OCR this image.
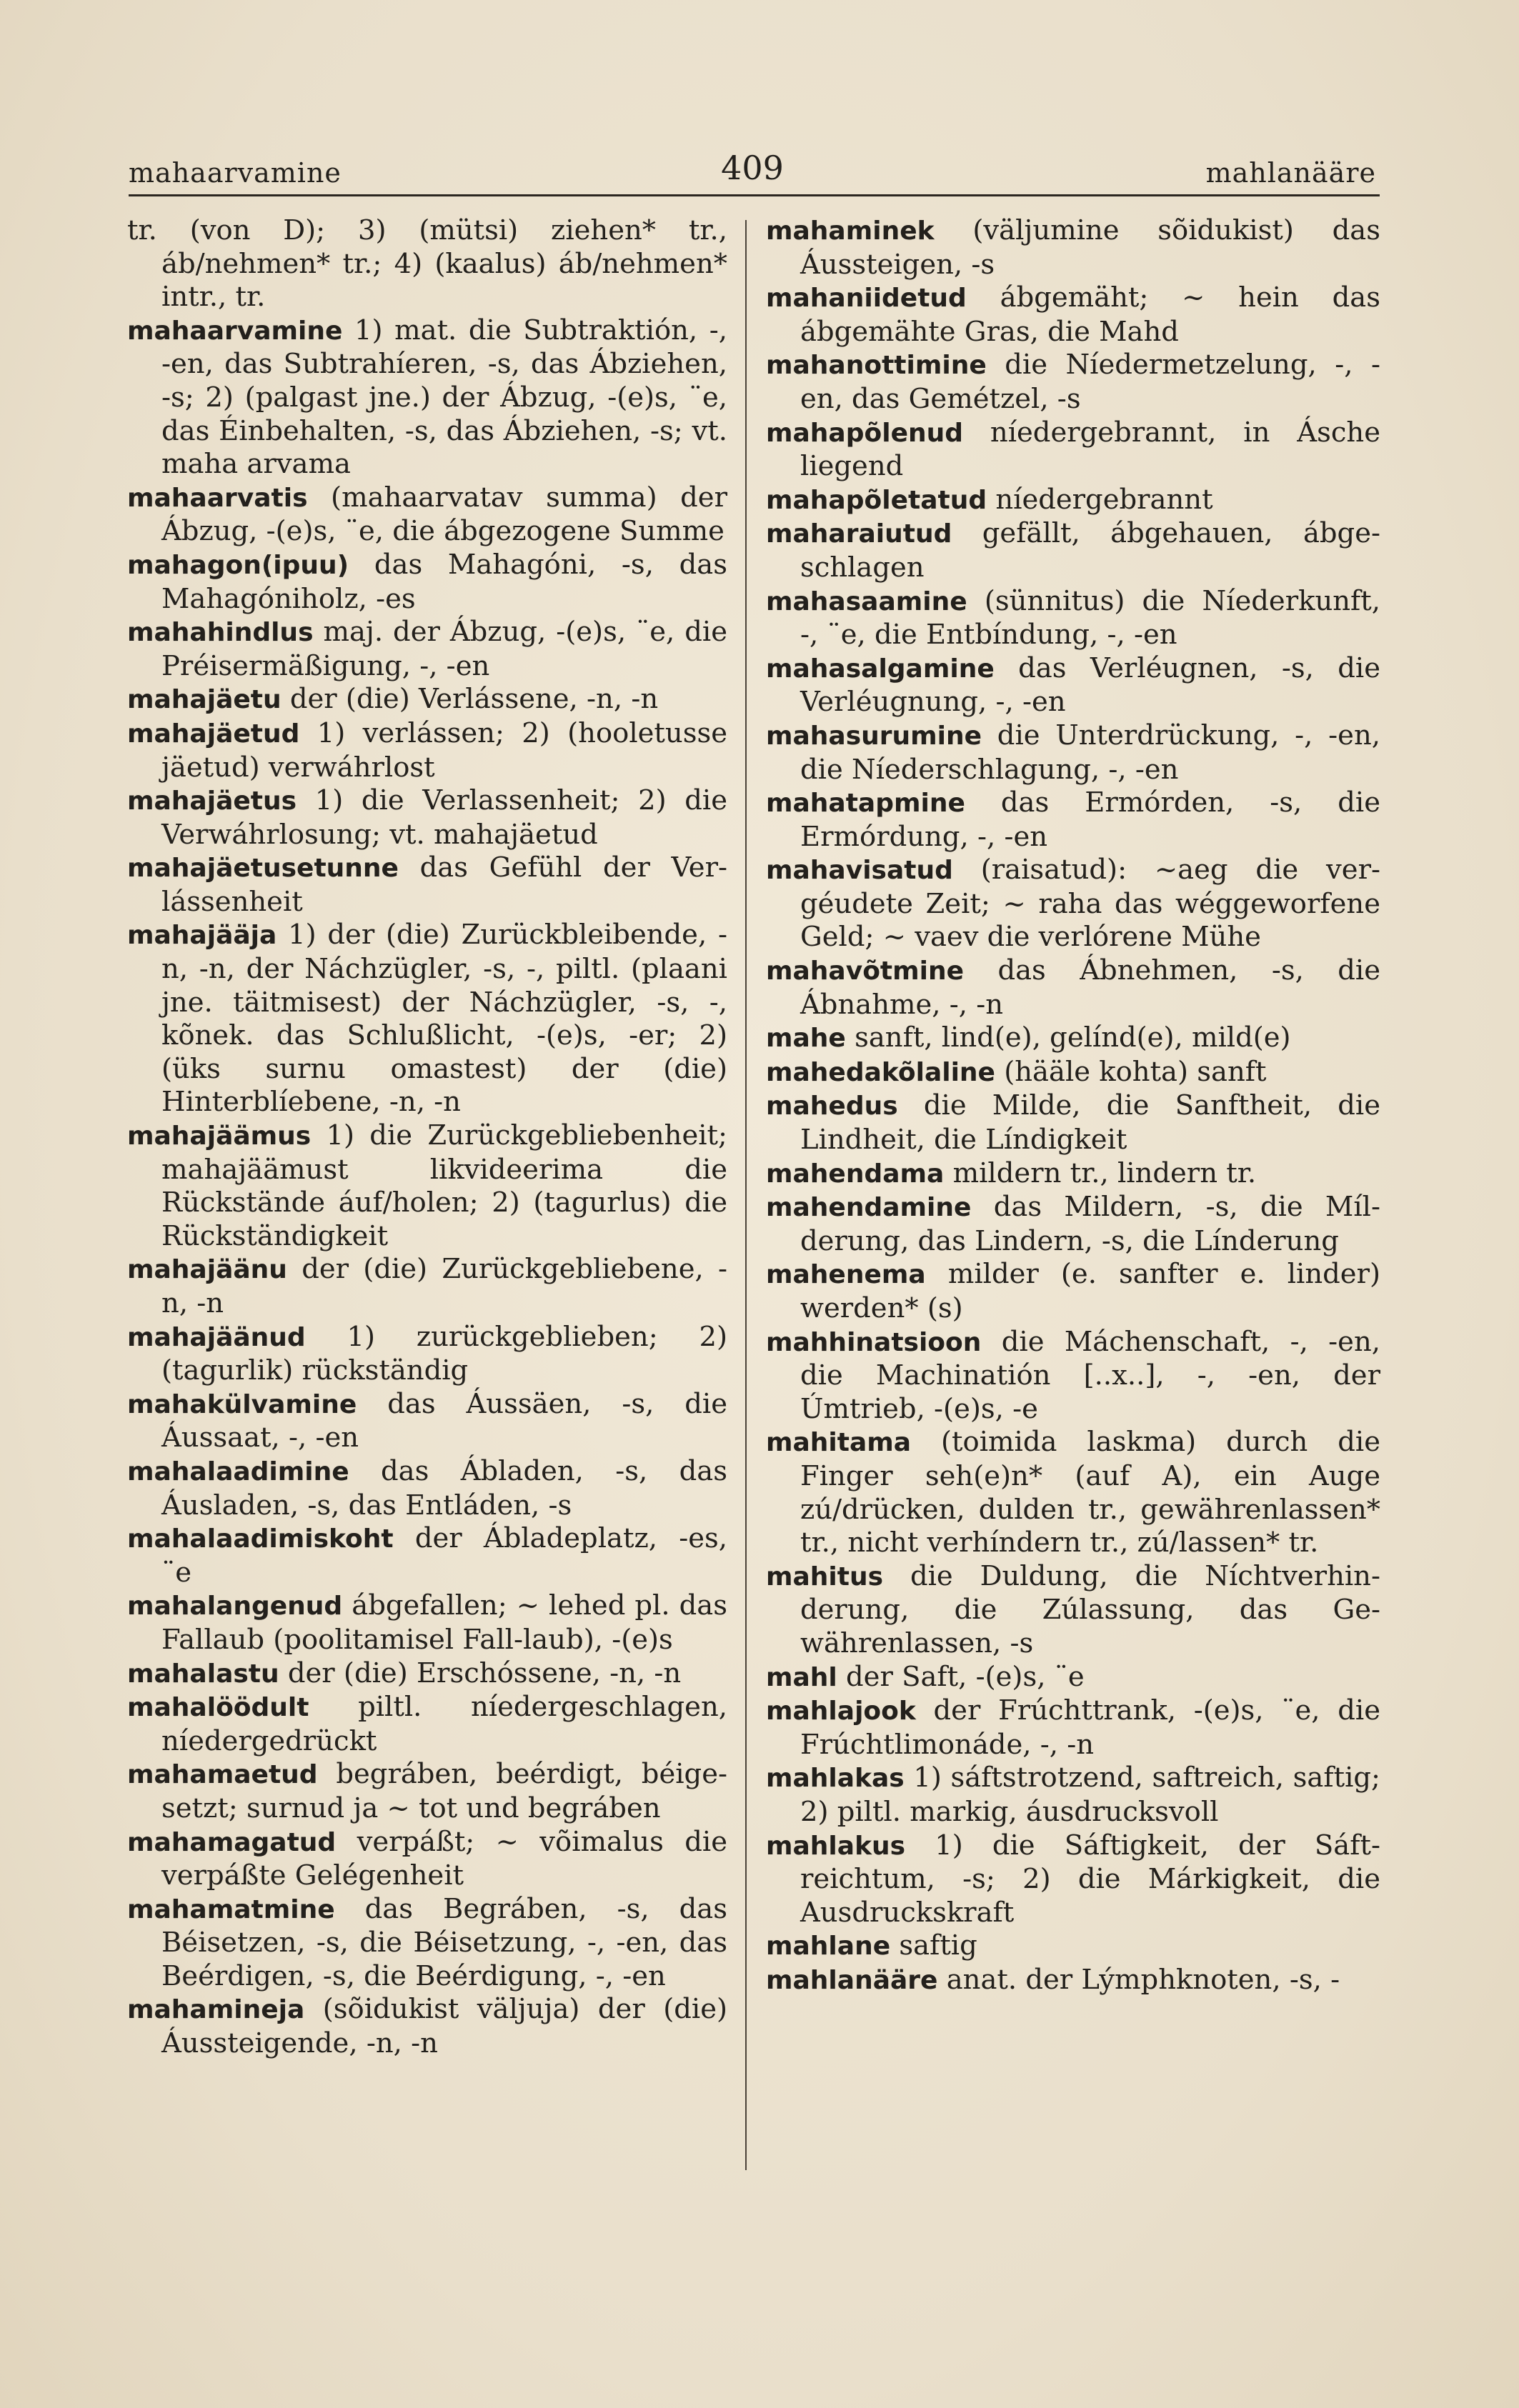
mahaarvamine	409	mahlanääre

tr. (von D); 3) (mütsi) ziehen* tr., áb/nehmen* tr.; 4) (kaalus) áb/nehmen* intr., tr.

mahaarvamine 1) mat. die Subtraktión, -, -en, das Subtrahíeren, -s, das Ábziehen, -s; 2) (palgast jne.) der Ábzug, -(e)s, ¨e, das Éinbehalten, -s, das Ábziehen, -s; vt. maha arvama

mahaarvatis (mahaarvatav summa) der Ábzug, -(e)s, ¨e, die ábgezogene Summe

mahagon(ipuu) das Mahagóni, -s, das Mahagóniholz, -es

mahahindlus maj. der Ábzug, -(e)s, ¨e, die Préisermäßigung, -, -en

mahajäetu der (die) Verlássene, -n, -n

mahajäetud 1) verlássen; 2) (hooletusse jäetud) verwáhrlost

mahajäetus 1) die Verlassenheit; 2) die Verwáhrlosung; vt. mahajäetud

mahajäetusetunne das Gefühl der Verlássenheit

mahajääja 1) der (die) Zurückbleibende, -n, -n, der Náchzügler, -s, -, piltl. (plaani jne. täitmisest) der Náchzügler, -s, -, kõnek. das Schlußlicht, -(e)s, -er; 2) (üks surnu omastest) der (die) Hinterblíebene, -n, -n

mahajäämus 1) die Zurückgebliebenheit; mahajäämust likvideerima die Rückstände áuf/holen; 2) (tagurlus) die Rückständigkeit

mahajäänu der (die) Zurückgebliebene, -n, -n

mahajäänud 1) zurückgeblieben; 2) (tagurlik) rückständig

mahakülvamine das Áussäen, -s, die Áussaat, -, -en

mahalaadimine das Ábladen, -s, das Áusladen, -s, das Entláden, -s

mahalaadimiskoht der Ábladeplatz, -es, ¨e

mahalangenud ábgefallen; ~ lehed pl. das Fallaub (poolitamisel Fall-laub), -(e)s

mahalastu der (die) Erschóssene, -n, -n

mahalöödult piltl. níedergeschlagen, níedergedrückt

mahamaetud begráben, beérdigt, béigesetzt; surnud ja ~ tot und begráben

mahamagatud verpáßt; ~ võimalus die verpáßte Gelégenheit

mahamatmine das Begráben, -s, das Béisetzen, -s, die Béisetzung, -, -en, das Beérdigen, -s, die Beérdigung, -, -en

mahamineja (sõidukist väljuja) der (die) Áussteigende, -n, -n

mahaminek (väljumine sõidukist) das Áussteigen, -s

mahaniidetud ábgemäht; ~ hein das ábgemähte Gras, die Mahd

mahanottimine die Níedermetzelung, -, -en, das Gemétzel, -s

mahapõlenud níedergebrannt, in Ásche liegend

mahapõletatud níedergebrannt

maharaiutud gefällt, ábgehauen, ábgeschlagen

mahasaamine (sünnitus) die Níederkunft, -, ¨e, die Entbíndung, -, -en

mahasalgamine das Verléugnen, -s, die Verléugnung, -, -en

mahasurumine die Unterdrückung, -, -en, die Níederschlagung, -, -en

mahatapmine das Ermórden, -s, die Ermórdung, -, -en

mahavisatud (raisatud): ~aeg die vergéudete Zeit; ~ raha das wéggeworfene Geld; ~ vaev die verlórene Mühe

mahavõtmine das Ábnehmen, -s, die Ábnahme, -, -n

mahe sanft, lind(e), gelínd(e), mild(e)

mahedakõlaline (hääle kohta) sanft

mahedus die Milde, die Sanftheit, die Lindheit, die Líndigkeit

mahendama mildern tr., lindern tr.

mahendamine das Mildern, -s, die Mílderung, das Lindern, -s, die Línderung

mahenema milder (e. sanfter e. linder) werden* (s)

mahhinatsioon die Máchenschaft, -, -en, die Machinatión [..x..], -, -en, der Úmtrieb, -(e)s, -e

mahitama (toimida laskma) durch die Finger seh(e)n* (auf A), ein Auge zú/drücken, dulden tr., gewährenlassen* tr., nicht verhíndern tr., zú/lassen* tr.

mahitus die Duldung, die Níchtverhinderung, die Zúlassung, das Gewährenlassen, -s

mahl der Saft, -(e)s, ¨e

mahlajook der Frúchttrank, -(e)s, ¨e, die Frúchtlimonáde, -, -n

mahlakas 1) sáftstrotzend, saftreich, saftig; 2) piltl. markig, áusdrucksvoll

mahlakus 1) die Sáftigkeit, der Sáftreichtum, -s; 2) die Márkigkeit, die Ausdruckskraft

mahlane saftig

mahlanääre anat. der Lýmphknoten, -s, -
